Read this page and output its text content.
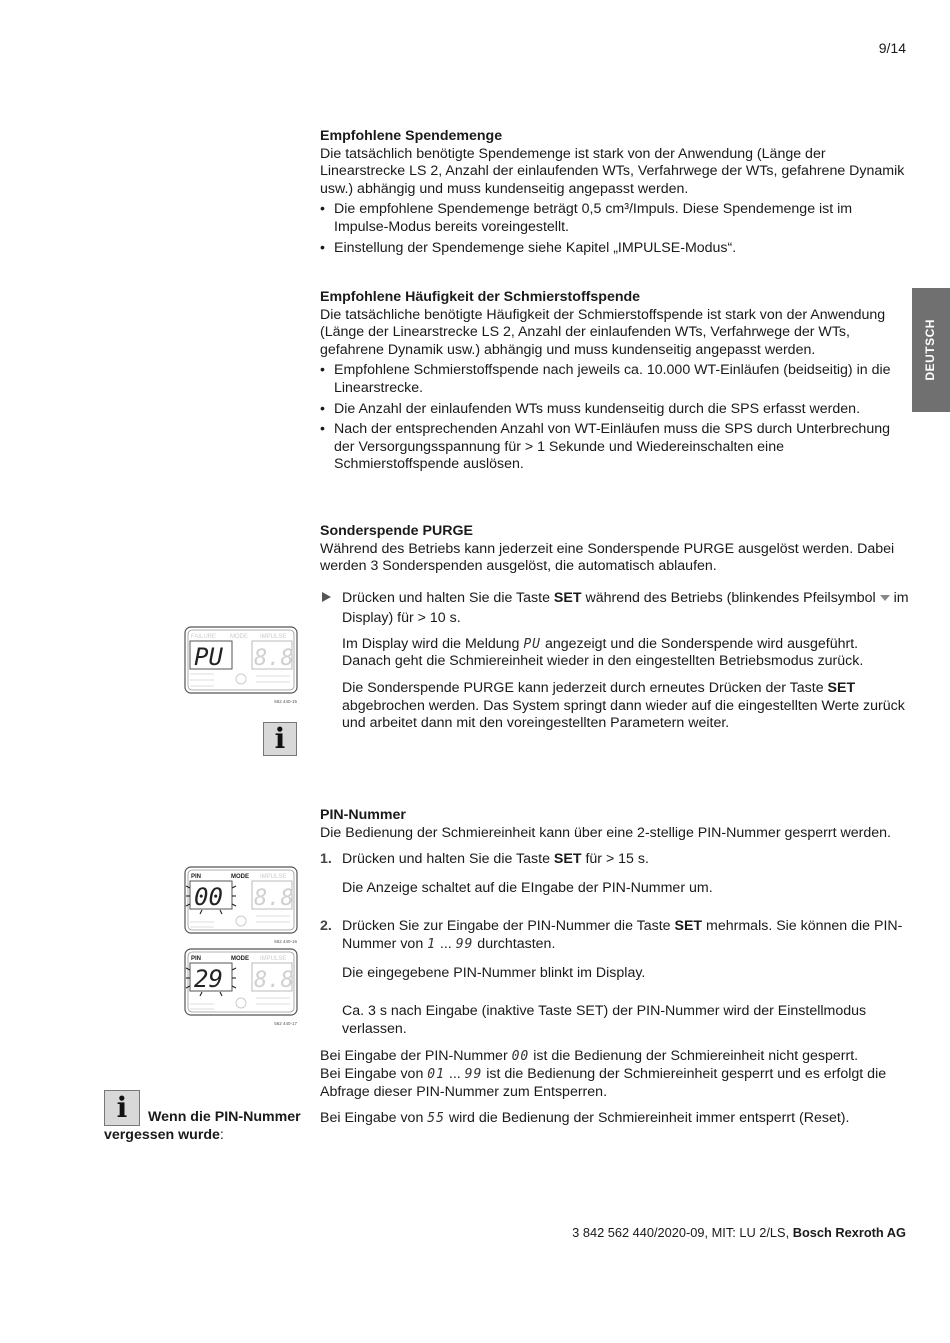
9/14
DEUTSCH
Empfohlene Spendemenge

Die tatsächlich benötigte Spendemenge ist stark von der Anwendung (Länge der Linearstrecke LS 2, Anzahl der einlaufenden WTs, Verfahrwege der WTs, gefahrene Dynamik usw.) abhängig und muss kundenseitig angepasst werden.

• Die empfohlene Spendemenge beträgt 0,5 cm³/Impuls. Diese Spendemenge ist im Impulse-Modus bereits voreingestellt.
• Einstellung der Spendemenge siehe Kapitel „IMPULSE-Modus“.
Empfohlene Häufigkeit der Schmierstoffspende

Die tatsächliche benötigte Häufigkeit der Schmierstoffspende ist stark von der Anwendung (Länge der Linearstrecke LS 2, Anzahl der einlaufenden WTs, Verfahrwege der WTs, gefahrene Dynamik usw.) abhängig und muss kundenseitig angepasst werden.

• Empfohlene Schmierstoffspende nach jeweils ca. 10.000 WT-Einläufen (beidseitig) in die Linearstrecke.
• Die Anzahl der einlaufenden WTs muss kundenseitig durch die SPS erfasst werden.
• Nach der entsprechenden Anzahl von WT-Einläufen muss die SPS durch Unterbrechung der Versorgungsspannung für > 1 Sekunde und Wiedereinschalten eine Schmierstoffspende auslösen.
Sonderspende PURGE

Während des Betriebs kann jederzeit eine Sonderspende PURGE ausgelöst werden. Dabei werden 3 Sonderspenden ausgelöst, die automatisch ablaufen.

Drücken und halten Sie die Taste SET während des Betriebs (blinkendes Pfeilsymbol im Display) für > 10 s.
Im Display wird die Meldung PU angezeigt und die Sonderspende wird ausgeführt.
Danach geht die Schmiereinheit wieder in den eingestellten Betriebsmodus zurück.
Die Sonderspende PURGE kann jederzeit durch erneutes Drücken der Taste SET abgebrochen werden. Das System springt dann wieder auf die eingestellten Werte zurück und arbeitet dann mit den voreingestellten Parametern weiter.
PIN-Nummer

Die Bedienung der Schmiereinheit kann über eine 2-stellige PIN-Nummer gesperrt werden.

1. Drücken und halten Sie die Taste SET für > 15 s.
Die Anzeige schaltet auf die EIngabe der PIN-Nummer um.
2. Drücken Sie zur Eingabe der PIN-Nummer die Taste SET mehrmals. Sie können die PIN-Nummer von 1 ... 99 durchtasten.
Die eingegebene PIN-Nummer blinkt im Display.
Ca. 3 s nach Eingabe (inaktive Taste SET) der PIN-Nummer wird der Einstellmodus verlassen.
Bei Eingabe der PIN-Nummer 00 ist die Bedienung der Schmiereinheit nicht gesperrt.
Bei Eingabe von 01 ... 99 ist die Bedienung der Schmiereinheit gesperrt und es erfolgt die Abfrage dieser PIN-Nummer zum Entsperren.
Bei Eingabe von 55 wird die Bedienung der Schmiereinheit immer entsperrt (Reset).
FAILURE MODE IMPULSE
PU 8.8
562 440-15
PIN	MODE IMPULSE
00 8.8
562 440-16
PIN	MODE IMPULSE
29 8.8
562 440-17
i
i	Wenn die PIN-Nummer vergessen wurde:
3 842 562 440/2020-09, MIT: LU 2/LS, Bosch Rexroth AG
